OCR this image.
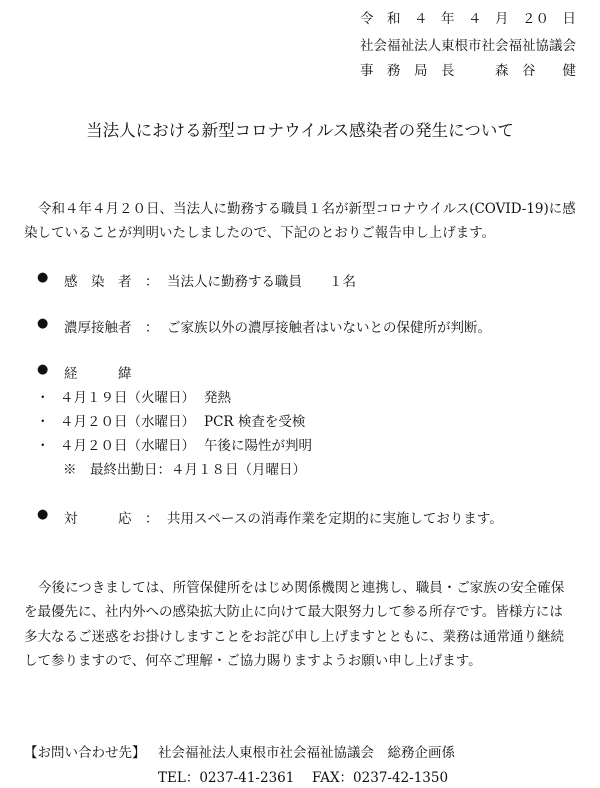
令　和　４　年　４　月　２０　日
社会福祉法人東根市社会福祉協議会
事　務　局　長　　　森　谷　　健
当法人における新型コロナウイルス感染者の発生について
令和４年４月２０日、当法人に勤務する職員１名が新型コロナウイルス(COVID-19)に感
染していることが判明いたしましたので、下記のとおりご報告申し上げます。
● 感　染　者 ： 当法人に勤務する職員　　１名
● 濃厚接触者 ： ご家族以外の濃厚接触者はいないとの保健所が判断。
● 経　　　緯
・ ４月１９日（火曜日） 発熱
・ ４月２０日（水曜日） PCR 検査を受検
・ ４月２０日（水曜日） 午後に陽性が判明
※　最終出勤日：４月１８日（月曜日）
● 対　　　応 ： 共用スペースの消毒作業を定期的に実施しております。
今後につきましては、所管保健所をはじめ関係機関と連携し、職員・ご家族の安全確保
を最優先に、社内外への感染拡大防止に向けて最大限努力して参る所存です。皆様方には
多大なるご迷惑をお掛けしますことをお詫び申し上げますとともに、業務は通常通り継続
して参りますので、何卒ご理解・ご協力賜りますようお願い申し上げます。
【お問い合わせ先】 社会福祉法人東根市社会福祉協議会　総務企画係
TEL：0237-41-2361 FAX：0237-42-1350
